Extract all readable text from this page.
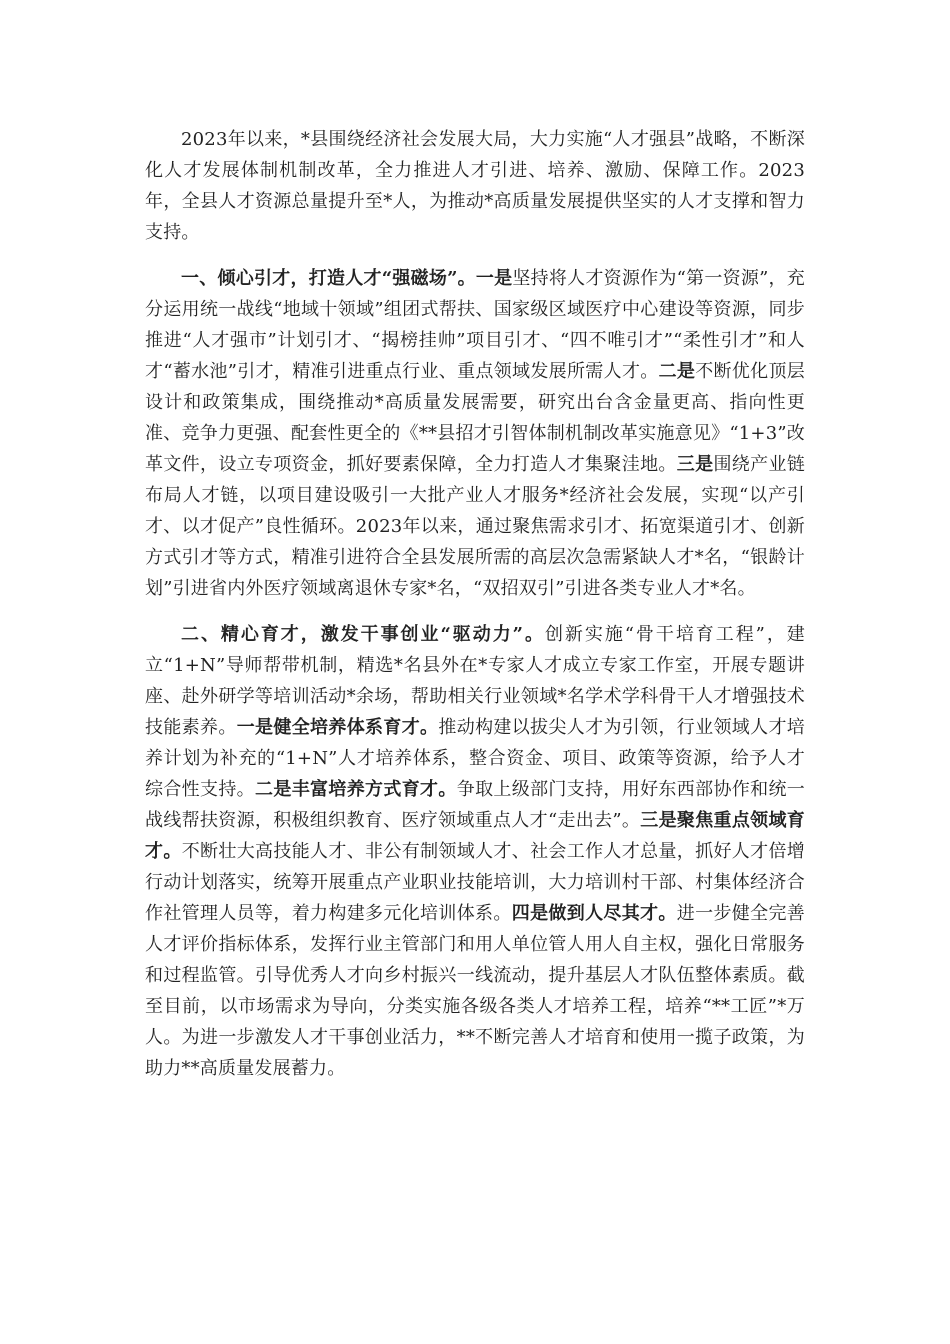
2023年以来，*县围绕经济社会发展大局，大力实施“人才强县”战略，不断深化人才发展体制机制改革，全力推进人才引进、培养、激励、保障工作。2023年，全县人才资源总量提升至*人，为推动*高质量发展提供坚实的人才支撑和智力支持。

一、倾心引才，打造人才“强磁场”。一是坚持将人才资源作为“第一资源”，充分运用统一战线“地域十领域”组团式帮扶、国家级区域医疗中心建设等资源，同步推进“人才强市”计划引才、“揭榜挂帅”项目引才、“四不唯引才”“柔性引才”和人才“蓄水池”引才，精准引进重点行业、重点领域发展所需人才。二是不断优化顶层设计和政策集成，围绕推动*高质量发展需要，研究出台含金量更高、指向性更准、竞争力更强、配套性更全的《**县招才引智体制机制改革实施意见》“1+3”改革文件，设立专项资金，抓好要素保障，全力打造人才集聚洼地。三是围绕产业链布局人才链，以项目建设吸引一大批产业人才服务*经济社会发展，实现“以产引才、以才促产”良性循环。2023年以来，通过聚焦需求引才、拓宽渠道引才、创新方式引才等方式，精准引进符合全县发展所需的高层次急需紧缺人才*名，“银龄计划”引进省内外医疗领域离退休专家*名，“双招双引”引进各类专业人才*名。

二、精心育才，激发干事创业“驱动力”。创新实施“骨干培育工程”，建立“1+N”导师帮带机制，精选*名县外在*专家人才成立专家工作室，开展专题讲座、赴外研学等培训活动*余场，帮助相关行业领域*名学术学科骨干人才增强技术技能素养。一是健全培养体系育才。推动构建以拔尖人才为引领，行业领域人才培养计划为补充的“1+N”人才培养体系，整合资金、项目、政策等资源，给予人才综合性支持。二是丰富培养方式育才。争取上级部门支持，用好东西部协作和统一战线帮扶资源，积极组织教育、医疗领域重点人才“走出去”。三是聚焦重点领域育才。不断壮大高技能人才、非公有制领域人才、社会工作人才总量，抓好人才倍增行动计划落实，统筹开展重点产业职业技能培训，大力培训村干部、村集体经济合作社管理人员等，着力构建多元化培训体系。四是做到人尽其才。进一步健全完善人才评价指标体系，发挥行业主管部门和用人单位管人用人自主权，强化日常服务和过程监管。引导优秀人才向乡村振兴一线流动，提升基层人才队伍整体素质。截至目前，以市场需求为导向，分类实施各级各类人才培养工程，培养“**工匠”*万人。为进一步激发人才干事创业活力，**不断完善人才培育和使用一揽子政策，为助力**高质量发展蓄力。
